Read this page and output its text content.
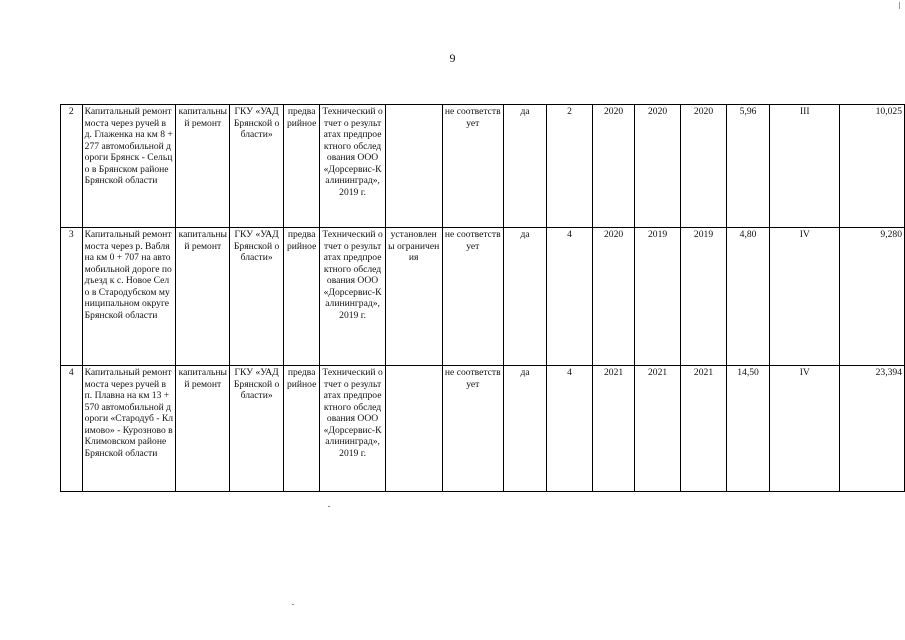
9
2	Капитальный ремонт моста через ручей в д. Глаженка на км 8 + 277 автомобильной дороги Брянск - Сельцо в Брянском районе Брянской области	капитальный ремонт	ГКУ «УАД Брянской области»	предварийное	Технический отчет о результатах предпроектного обследования ООО «Дорсервис-Калининград», 2019 г.		не соответствует	да	2	2020	2020	2020	5,96	III	10,025
3	Капитальный ремонт моста через р. Вабля на км 0 + 707 на автомобильной дороге подъезд к с. Новое Село в Стародубском муниципальном округе Брянской области	капитальный ремонт	ГКУ «УАД Брянской области»	предварийное	Технический отчет о результатах предпроектного обследования ООО «Дорсервис-Калининград», 2019 г.	установлены ограничения	не соответствует	да	4	2020	2019	2019	4,80	IV	9,280
4	Капитальный ремонт моста через ручей в п. Плавна на км 13 + 570 автомобильной дороги «Стародуб - Климово» - Курозново в Климовском районе Брянской области	капитальный ремонт	ГКУ «УАД Брянской области»	предварийное	Технический отчет о результатах предпроектного обследования ООО «Дорсервис-Калининград», 2019 г.		не соответствует	да	4	2021	2021	2021	14,50	IV	23,394
